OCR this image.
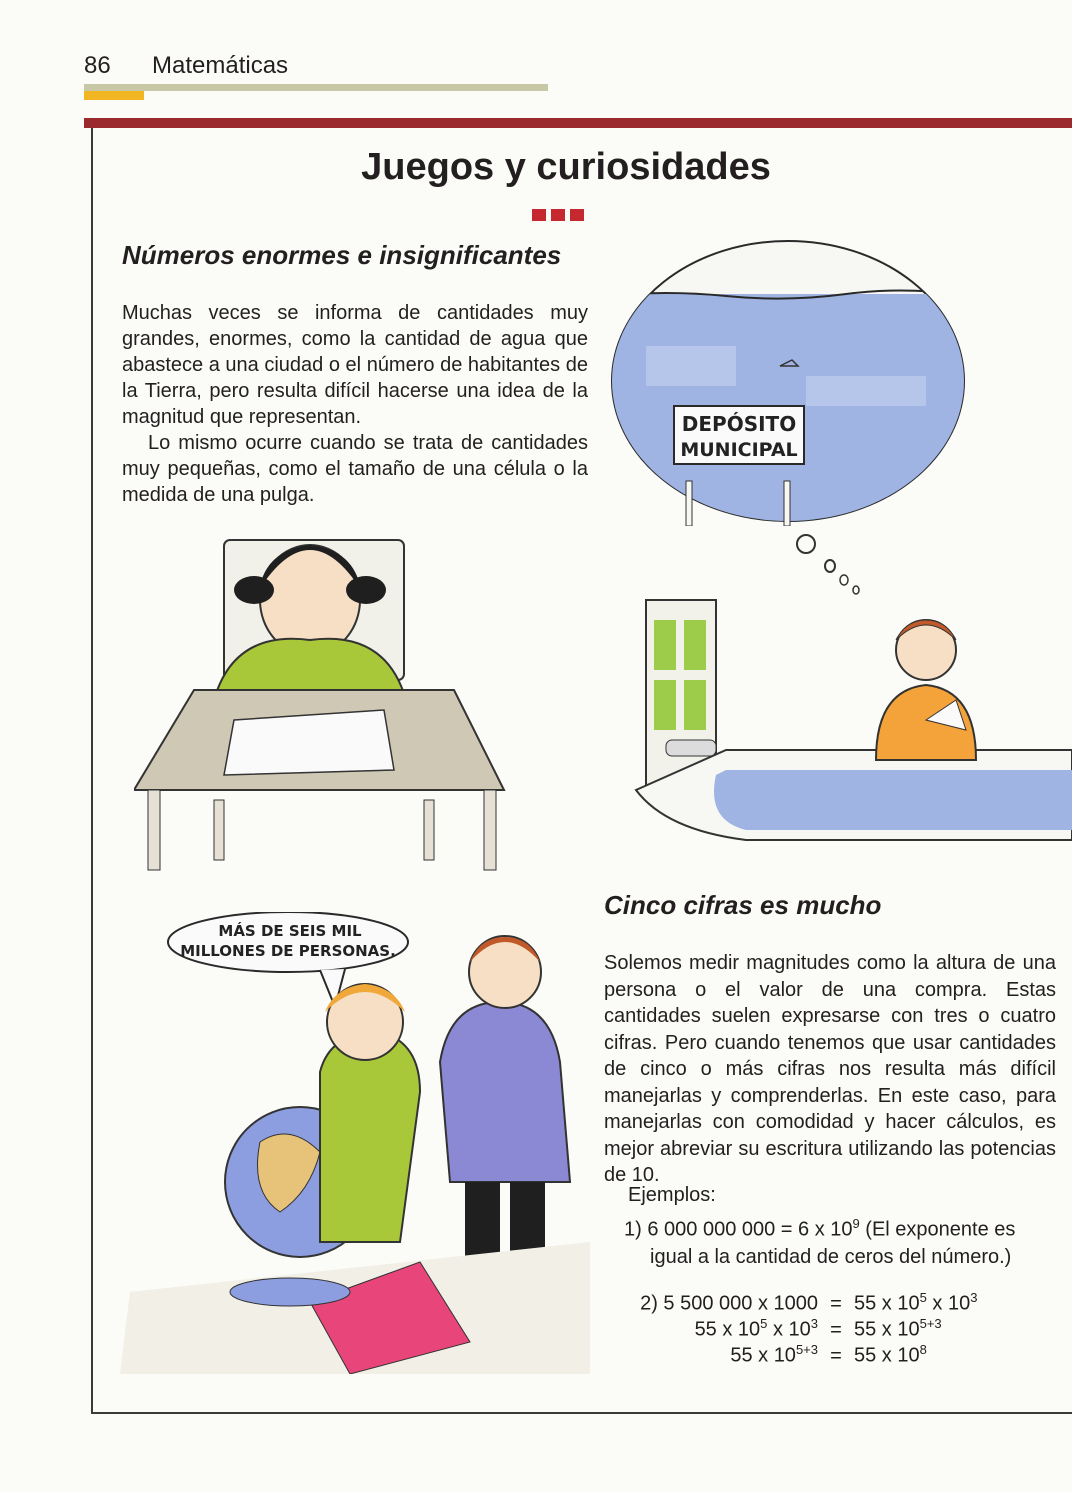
86 Matemáticas
Juegos y curiosidades
Números enormes e insignificantes

Muchas veces se informa de cantidades muy grandes, enormes, como la cantidad de agua que abastece a una ciudad o el número de habitantes de la Tierra, pero resulta difícil hacerse una idea de la magnitud que representan.

Lo mismo ocurre cuando se trata de cantidades muy pequeñas, como el tamaño de una célula o la medida de una pulga.

DEPÓSITO
MUNICIPAL
MÁS DE SEIS MIL
MILLONES DE PERSONAS.
Cinco cifras es mucho

Solemos medir magnitudes como la altura de una persona o el valor de una compra. Estas cantidades suelen expresarse con tres o cuatro cifras. Pero cuando tenemos que usar cantidades de cinco o más cifras nos resulta más difícil manejarlas y comprenderlas. En este caso, para manejarlas con comodidad y hacer cálculos, es mejor abreviar su escritura utilizando las potencias de 10.

Ejemplos:
1) 6 000 000 000 = 6 x $10^9$ (El exponente es
igual a la cantidad de ceros del número.)
2) 5 500 000 x 1000 = 55 x $10^5$ x $10^3$
55 x $10^5$ x $10^3 = 55$ x $10^{5+3}$
55 x $10^{5+3} = 55$ x $10^8$
